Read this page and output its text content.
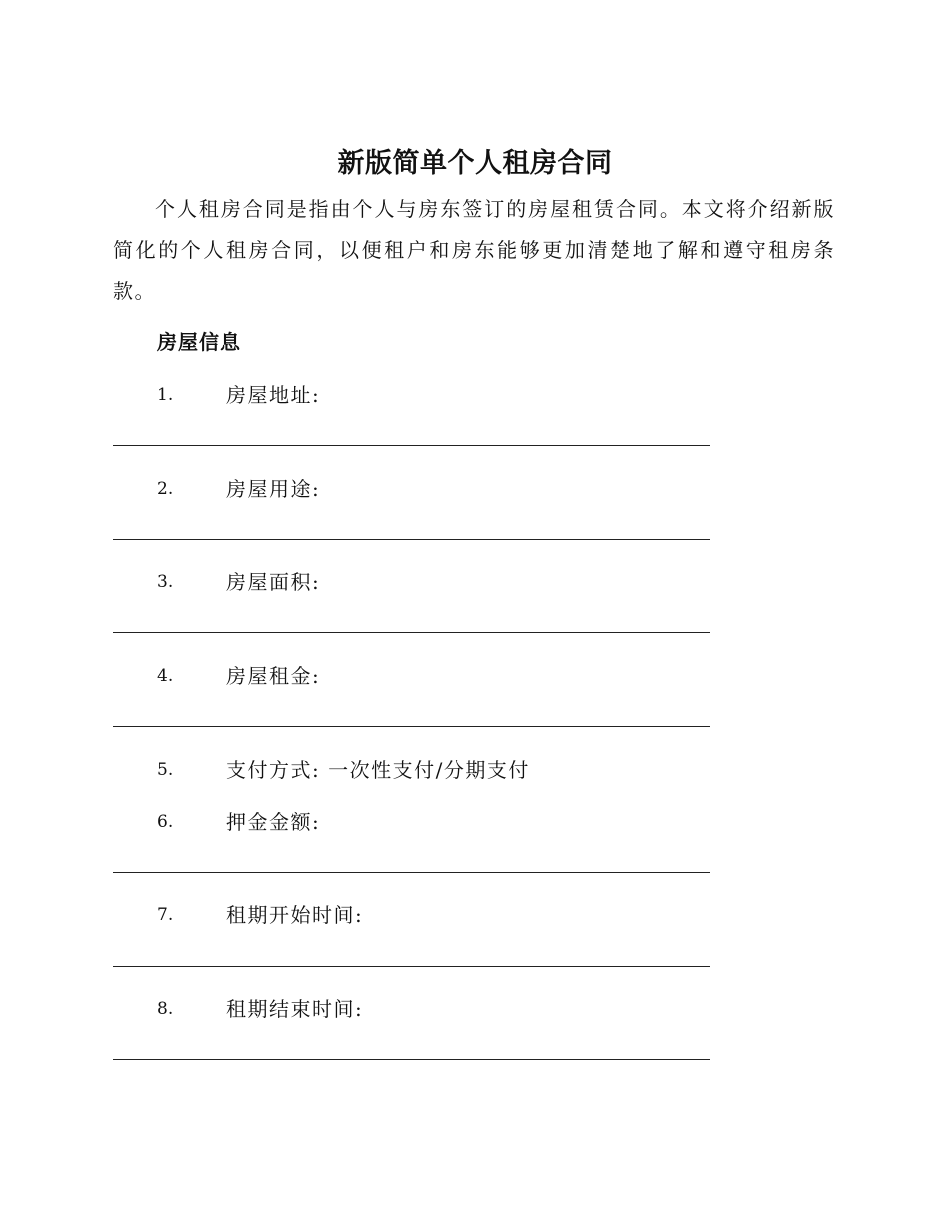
新版简单个人租房合同

个人租房合同是指由个人与房东签订的房屋租赁合同。本文将介绍新版简化的个人租房合同，以便租户和房东能够更加清楚地了解和遵守租房条款。

房屋信息
1.	房屋地址:
2.	房屋用途:
3.	房屋面积:
4.	房屋租金:
5.	支付方式: 一次性支付/分期支付
6.	押金金额:
7.	租期开始时间:
8.	租期结束时间:
